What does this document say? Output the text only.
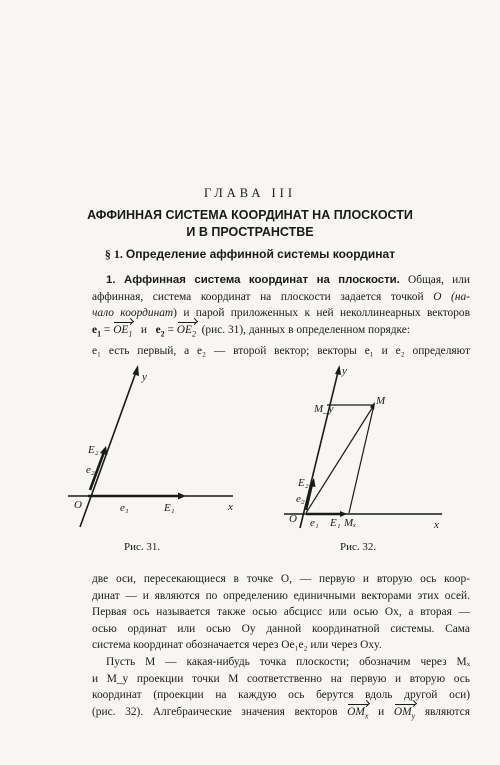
ГЛАВА III
АФФИННАЯ СИСТЕМА КООРДИНАТ НА ПЛОСКОСТИ
И В ПРОСТРАНСТВЕ
§ 1. Определение аффинной системы координат
1. Аффинная система координат на плоскости. Общая, или
аффинная, система координат на плоскости задается точкой O (на-
чало координат) и парой приложенных к ней неколлинеарных векторов
$e_1 = OE_1$   и   $e_2 = OE_2$ (рис. 31), данных в определенном порядке:
e₁ есть первый, а e₂ — второй вектор; векторы e₁ и e₂ определяют
y
x
O	e₁	E₁
e₂
E₂
Рис. 31.
y
x
O e₁ E₁ Mₓ
e₂
E₂
M_y
M
Рис. 32.
две оси, пересекающиеся в точке O, — первую и вторую ось коор-
динат — и являются по определению единичными векторами этих осей.
Первая ось называется также осью абсцисс или осью Ox, а вторая —
осью ординат или осью Oy данной координатной системы. Сама
система координат обозначается через Oe₁e₂ или через Oxy.
Пусть M — какая-нибудь точка плоскости; обозначим через Mₓ
и M_y проекции точки M соответственно на первую и вторую ось
координат (проекции на каждую ось берутся вдоль другой оси)
(рис. 32). Алгебраические значения векторов $OM_x$ и $OM_y$ являются
